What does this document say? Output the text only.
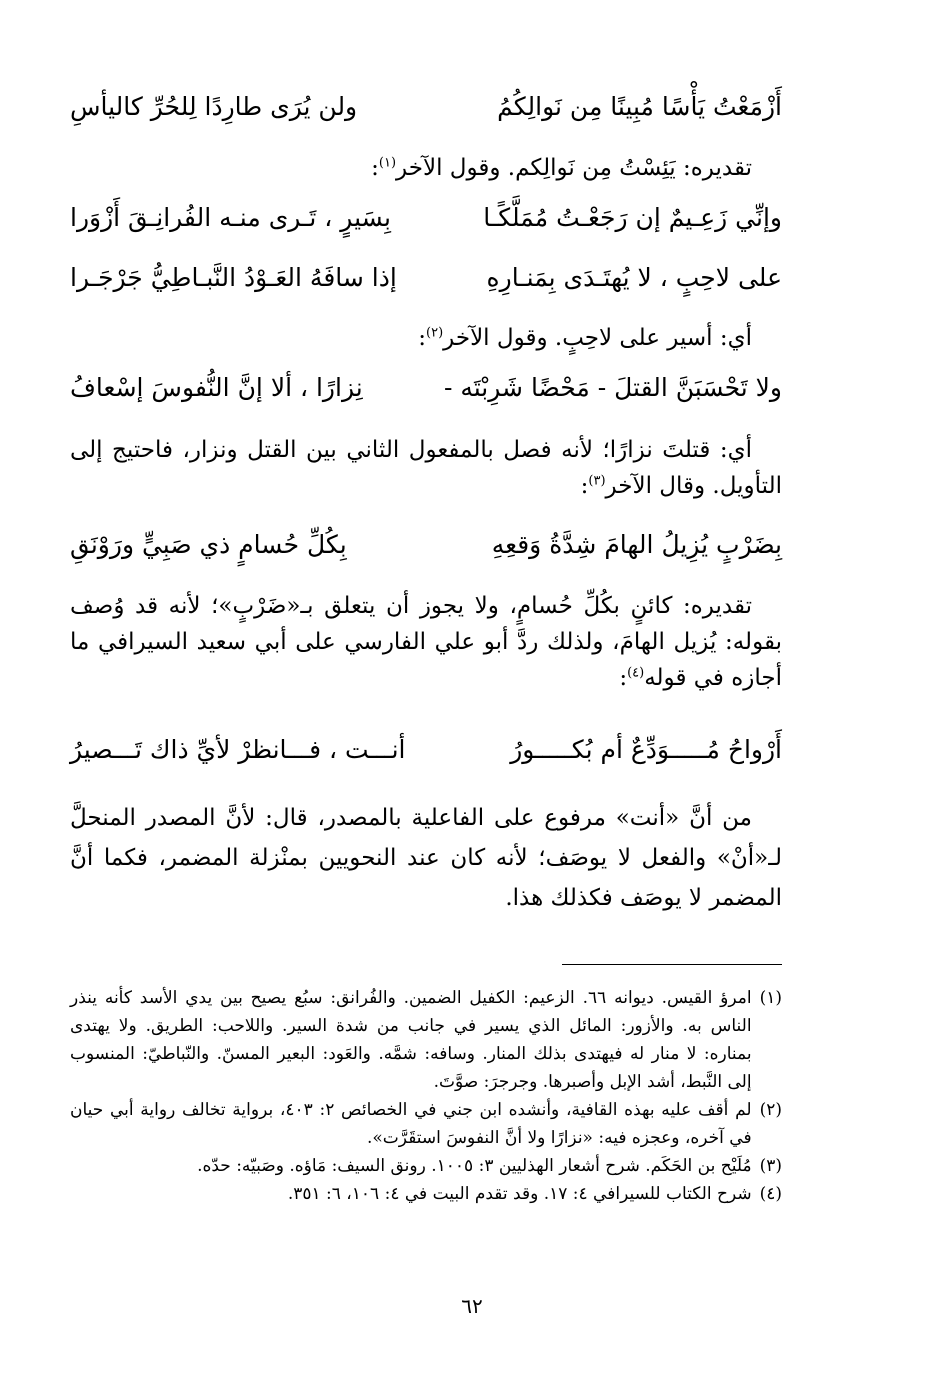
أَزْمَعْتُ يَأْسًا مُبِينًا مِن نَوالِكُمُ
ولن يُرَى طارِدًا لِلحُرِّ كاليأسِ
تقديره: يَئِسْتُ مِن نَوالِكم. وقول الآخر$^{(١)}$:
وإنِّي زَعِـيمٌ إن رَجَعْـتُ مُمَلَّكًـا
بِسَيرٍ ، تَـرى منـه الفُرانِـقَ أَزْوَرا
على لاحِبٍ ، لا يُهتَـدَى بِمَنـارِهِ
إذا سافَهُ العَـوْدُ النَّبـاطِيُّ جَرْجَـرا
أي: أسير على لاحِبٍ. وقول الآخر$^{(٢)}$:
ولا تَحْسَبَنَّ القتلَ - مَحْضًا شَرِبْتَه -
نِزارًا ، ألا إنَّ النُّفوسَ إسْعافُ
أي: قتلتَ نزارًا؛ لأنه فصل بالمفعول الثاني بين القتل ونزار، فاحتيج إلى التأويل. وقال الآخر$^{(٣)}$:
بِضَرْبٍ يُزِيلُ الهامَ شِدَّةُ وَقعِهِ
بِكُلِّ حُسامٍ ذي صَبِيٍّ ورَوْنَقِ
تقديره: كائنٍ بكُلِّ حُسامٍ، ولا يجوز أن يتعلق بـ«ضَرْبٍ»؛ لأنه قد وُصف بقوله: يُزيل الهامَ، ولذلك ردَّ أبو علي الفارسي على أبي سعيد السيرافي ما أجازه في قوله$^{(٤)}$:
أَرْواحُ مُـــــوَدِّعٌ أم بُكـــــورُ
أنـــت ، فـــانظرْ لأيِّ ذاك تَـــصيرُ
من أنَّ «أنت» مرفوع على الفاعلية بالمصدر، قال: لأنَّ المصدر المنحلَّ لـ«أنْ» والفعل لا يوصَف؛ لأنه كان عند النحويين بمنْزلة المضمر، فكما أنَّ المضمر لا يوصَف فكذلك هذا.
(١)
امرؤ القيس. ديوانه ٦٦. الزعيم: الكفيل الضمين. والفُرانق: سبُع يصيح بين يدي الأسد كأنه ينذر الناس به. والأزور: المائل الذي يسير في جانب من شدة السير. واللاحب: الطريق. ولا يهتدى بمناره: لا منار له فيهتدى بذلك المنار. وسافه: شمَّه. والعَود: البعير المسنّ. والنّباطيّ: المنسوب إلى النَّبط، أشد الإبل وأصبرها. وجرجرَ: صوَّتَ.
(٢)
لم أقف عليه بهذه القافية، وأنشده ابن جني في الخصائص ٢: ٤٠٣، برواية تخالف رواية أبي حيان في آخره، وعجزه فيه: «نزارًا ولا أنَّ النفوسَ استقَرَّت».
(٣)
مُلَيْح بن الحَكَم. شرح أشعار الهذليين ٣: ١٠٠٥. رونق السيف: مَاؤه. وصَبيّه: حدّه.
(٤)
شرح الكتاب للسيرافي ٤: ١٧. وقد تقدم البيت في ٤: ١٠٦، ٦: ٣٥١.
٦٢
